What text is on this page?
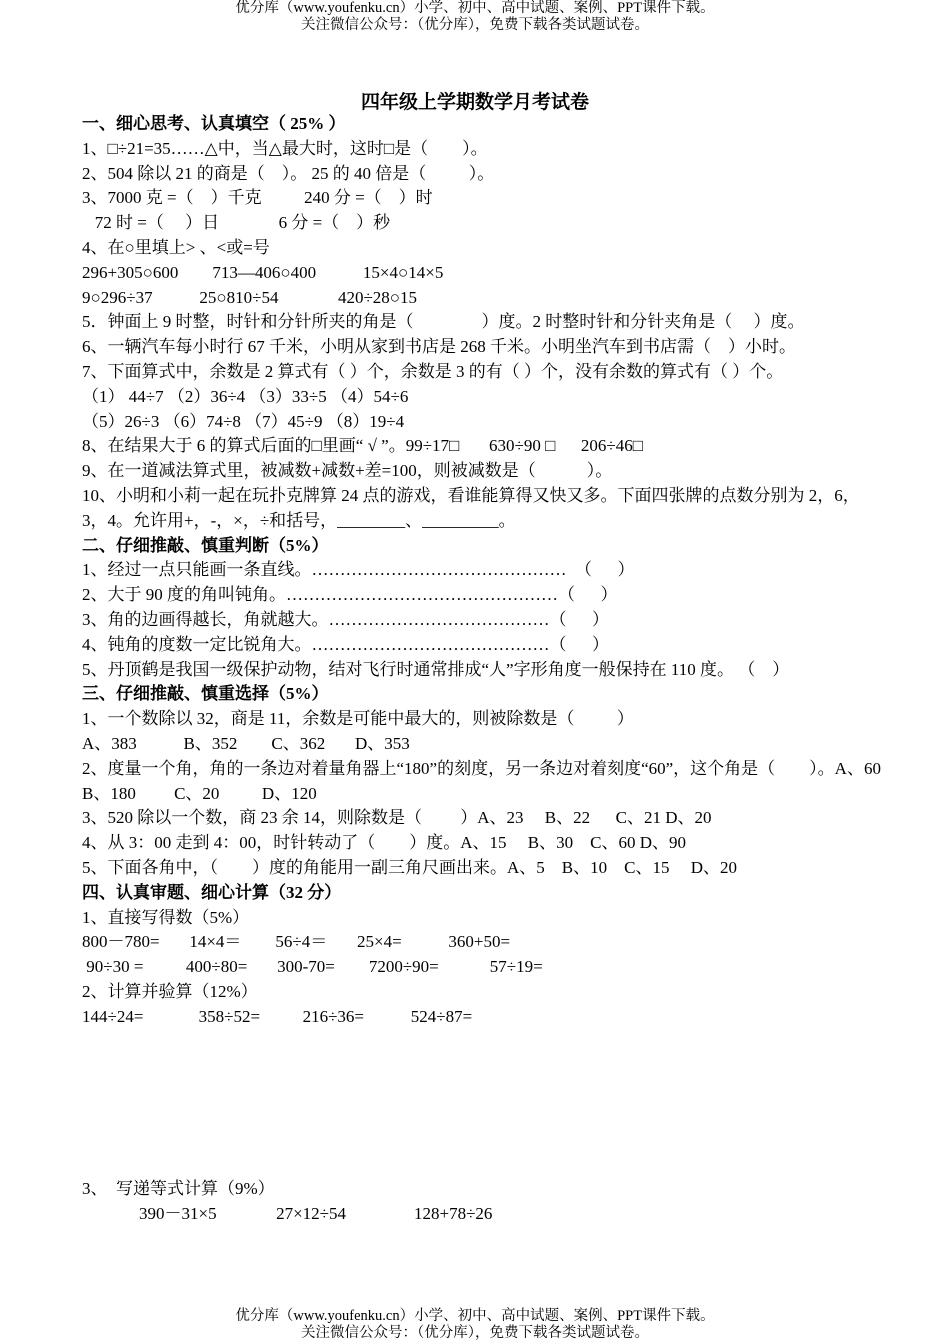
优分库（www.youfenku.cn）小学、初中、高中试题、案例、PPT课件下载。
关注微信公众号：（优分库），免费下载各类试题试卷。
四年级上学期数学月考试卷
一、细心思考、认真填空（ 25% ）
1、□÷21=35……△中，当△最大时，这时□是（        ）。
2、504 除以 21 的商是（    ）。 25 的 40 倍是（          ）。
3、7000 克 =（    ）千克          240 分 =（    ）时
72 时 =（     ）日              6 分 =（    ）秒
4、在○里填上> 、<或=号
296+305○600        713—406○400           15×4○14×5
9○296÷37           25○810÷54              420÷28○15
5．钟面上 9 时整，时针和分针所夹的角是（                ）度。2 时整时针和分针夹角是（     ）度。
6、一辆汽车每小时行 67 千米，小明从家到书店是 268 千米。小明坐汽车到书店需（    ）小时。
7、下面算式中，余数是 2 算式有（ ）个，余数是 3 的有（ ）个，没有余数的算式有（ ）个。
（1） 44÷7 （2）36÷4 （3）33÷5 （4）54÷6
（5）26÷3 （6）74÷8 （7）45÷9 （8）19÷4
8、在结果大于 6 的算式后面的□里画“ √ ”。99÷17□       630÷90 □      206÷46□
9、在一道减法算式里，被减数+减数+差=100，则被减数是（            ）。
10、小明和小莉一起在玩扑克牌算 24 点的游戏，看谁能算得又快又多。下面四张牌的点数分别为 2，6，3，4。允许用+，-，×，÷和括号，________、_________。
二、仔细推敲、慎重判断（5%）
1、经过一点只能画一条直线。………………………………………  （      ）
2、大于 90 度的角叫钝角。…………………………………………（      ）
3、角的边画得越长，角就越大。…………………………………（      ）
4、钝角的度数一定比锐角大。……………………………………（      ）
5、丹顶鹤是我国一级保护动物，结对飞行时通常排成“人”字形角度一般保持在 110 度。 （    ）
三、仔细推敲、慎重选择（5%）
1、一个数除以 32，商是 11，余数是可能中最大的，则被除数是（          ）
A、383           B、352        C、362       D、353
2、度量一个角，角的一条边对着量角器上“180”的刻度，另一条边对着刻度“60”，这个角是（        ）。A、60        B、180         C、20          D、120
3、520 除以一个数，商 23 余 14，则除数是（         ）A、23     B、22      C、21 D、20
4、从 3：00 走到 4：00，时针转动了（        ）度。A、15     B、30    C、60 D、90
5、下面各角中，（        ）度的角能用一副三角尺画出来。A、5    B、10    C、15     D、20
四、认真审题、细心计算（32 分）
1、直接写得数（5%）
800－780=       14×4＝        56÷4＝       25×4=           360+50=
90÷30 =          400÷80=       300-70=        7200÷90=            57÷19=
2、计算并验算（12%）
144÷24=             358÷52=          216÷36=           524÷87=
3、  写递等式计算（9%）
390－31×5              27×12÷54                128+78÷26
优分库（www.youfenku.cn）小学、初中、高中试题、案例、PPT课件下载。
关注微信公众号：（优分库），免费下载各类试题试卷。
